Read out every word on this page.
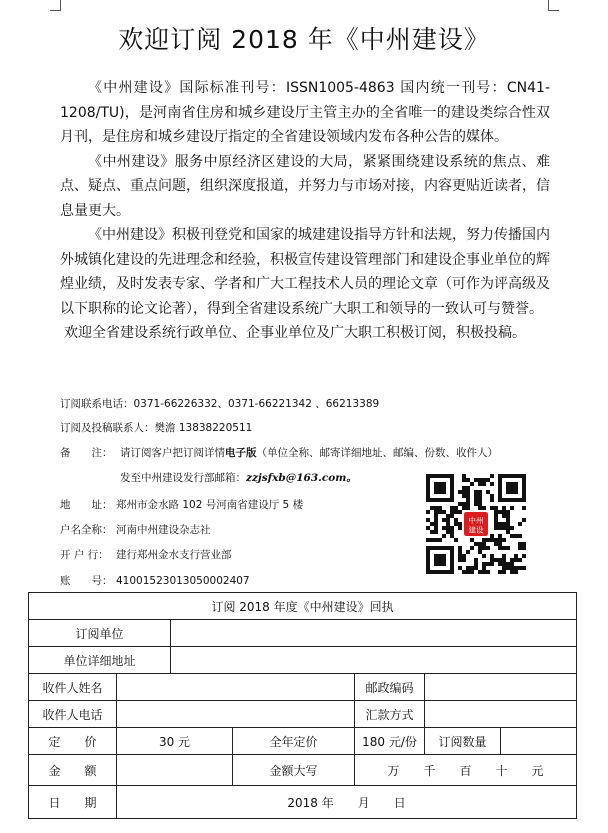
欢迎订阅 2018 年《中州建设》

《中州建设》国际标准刊号：ISSN1005-4863 国内统一刊号：CN41-1208/TU)，是河南省住房和城乡建设厅主管主办的全省唯一的建设类综合性双月刊，是住房和城乡建设厅指定的全省建设领域内发布各种公告的媒体。

《中州建设》服务中原经济区建设的大局，紧紧围绕建设系统的焦点、难点、疑点、重点问题，组织深度报道，并努力与市场对接，内容更贴近读者，信息量更大。

《中州建设》积极刊登党和国家的城建建设指导方针和法规，努力传播国内外城镇化建设的先进理念和经验，积极宣传建设管理部门和建设企事业单位的辉煌业绩，及时发表专家、学者和广大工程技术人员的理论文章（可作为评高级及以下职称的论文论著），得到全省建设系统广大职工和领导的一致认可与赞誉。

欢迎全省建设系统行政单位、企事业单位及广大职工积极订阅，积极投稿。

订阅联系电话：0371-66226332、0371-66221342 、66213389
订阅及投稿联系人：樊澹 13838220511
备　　注： 请订阅客户把订阅详情电子版（单位全称、邮寄详细地址、邮编、份数、收件人）
发至中州建设发行部邮箱：zzjsfxb@163.com。
地　　址： 郑州市金水路 102 号河南省建设厅 5 楼
户名全称： 河南中州建设杂志社
开 户 行： 建行郑州金水支行营业部
账　　号： 41001523013050002407
中州
建设
订阅 2018 年度《中州建设》回执						
订阅单位						
单位详细地址						
收件人姓名				邮政编码		
收件人电话				汇款方式		
定　　价	30 元		全年定价	180 元/份	订阅数量	
金　　额			金额大写	万　　千　　百　　十　　元		
日　　期	2018 年　　月　　日					
